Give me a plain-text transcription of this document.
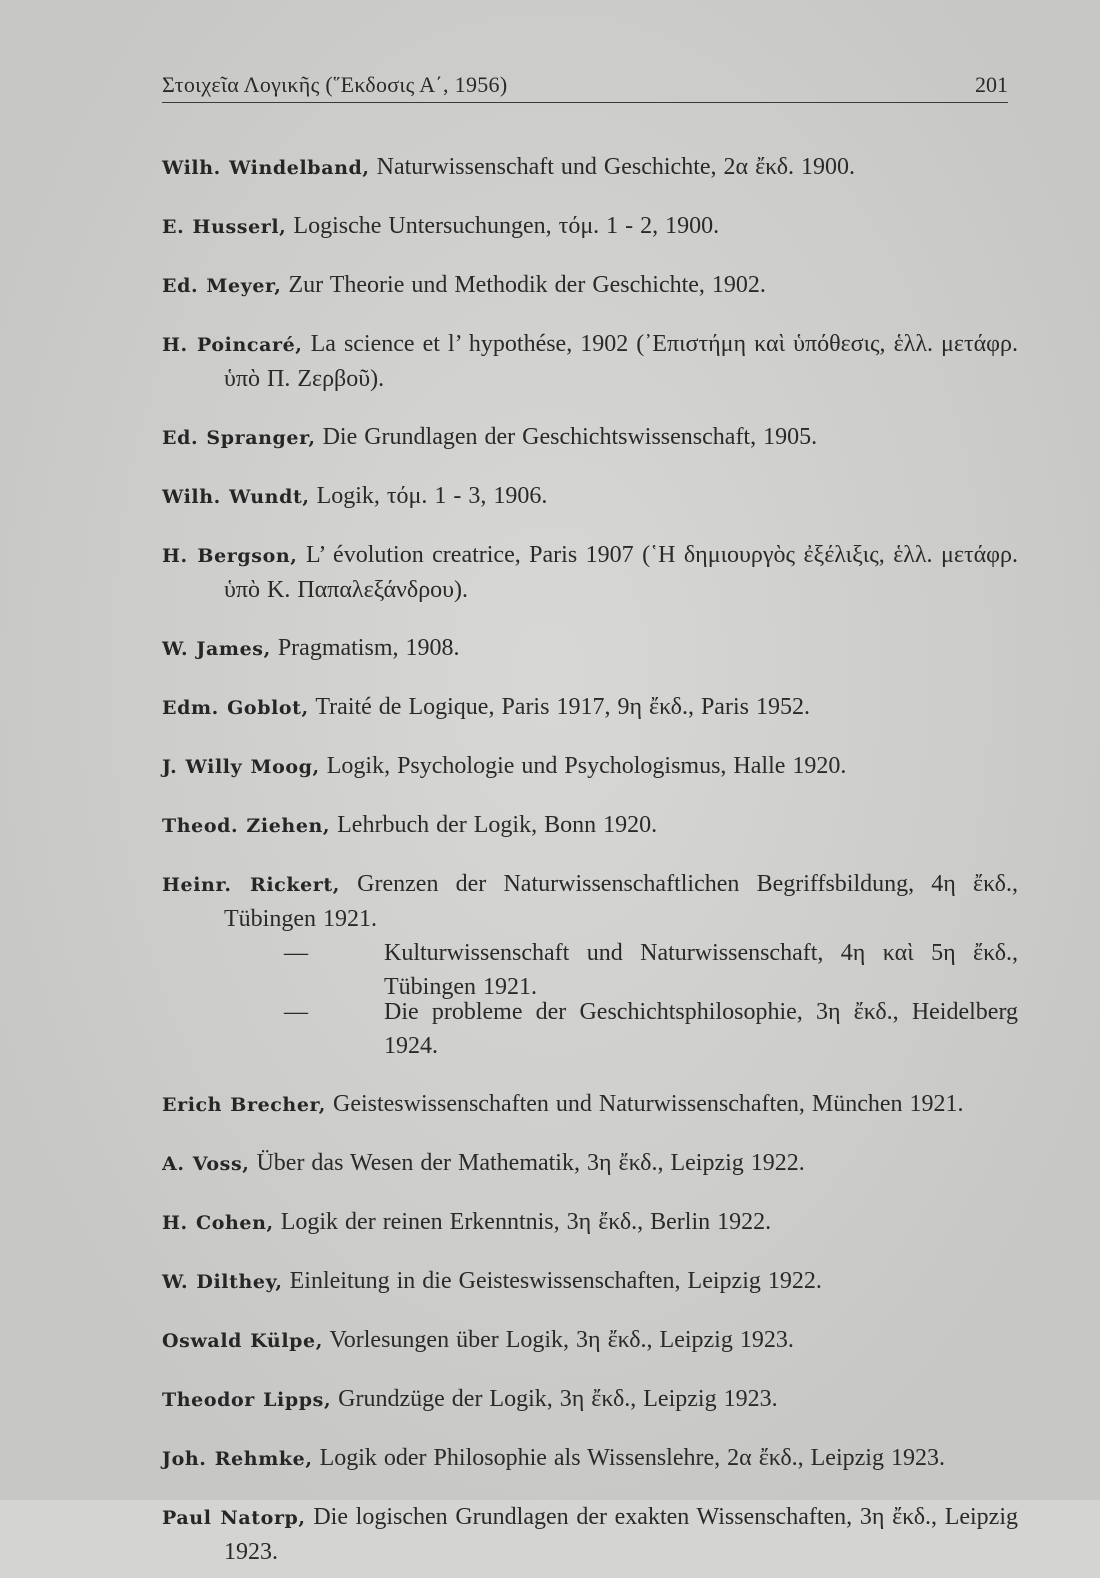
Στοιχεῖα Λογικῆς (῞Εκδοσις Α΄, 1956)	201

Wilh. Windelband, Naturwissenschaft und Geschichte, 2α ἔκδ. 1900.

E. Husserl, Logische Untersuchungen, τόμ. 1 - 2, 1900.

Ed. Meyer, Zur Theorie und Methodik der Geschichte, 1902.

H. Poincaré, La science et l’ hypothése, 1902 (᾿Επιστήμη καὶ ὑπόθεσις, ἑλλ. μετάφρ. ὑπὸ Π. Ζερβοῦ).

Ed. Spranger, Die Grundlagen der Geschichtswissenschaft, 1905.

Wilh. Wundt, Logik, τόμ. 1 - 3, 1906.

H. Bergson, L’ évolution creatrice, Paris 1907 (῾Η δημιουργὸς ἐξέλιξις, ἑλλ. μετάφρ. ὑπὸ Κ. Παπαλεξάνδρου).

W. James, Pragmatism, 1908.

Edm. Goblot, Traité de Logique, Paris 1917, 9η ἔκδ., Paris 1952.

J. Willy Moog, Logik, Psychologie und Psychologismus, Halle 1920.

Theod. Ziehen, Lehrbuch der Logik, Bonn 1920.

Heinr. Rickert, Grenzen der Naturwissenschaftlichen Begriffsbildung, 4η ἔκδ., Tübingen 1921.

—	Kulturwissenschaft und Naturwissenschaft, 4η καὶ 5η ἔκδ., Tübingen 1921.

—	Die probleme der Geschichtsphilosophie, 3η ἔκδ., Heidelberg 1924.

Erich Brecher, Geisteswissenschaften und Naturwissenschaften, München 1921.

A. Voss, Über das Wesen der Mathematik, 3η ἔκδ., Leipzig 1922.

H. Cohen, Logik der reinen Erkenntnis, 3η ἔκδ., Berlin 1922.

W. Dilthey, Einleitung in die Geisteswissenschaften, Leipzig 1922.

Oswald Külpe, Vorlesungen über Logik, 3η ἔκδ., Leipzig 1923.

Theodor Lipps, Grundzüge der Logik, 3η ἔκδ., Leipzig 1923.

Joh. Rehmke, Logik oder Philosophie als Wissenslehre, 2α ἔκδ., Leipzig 1923.

Paul Natorp, Die logischen Grundlagen der exakten Wissenschaften, 3η ἔκδ., Leipzig 1923.
